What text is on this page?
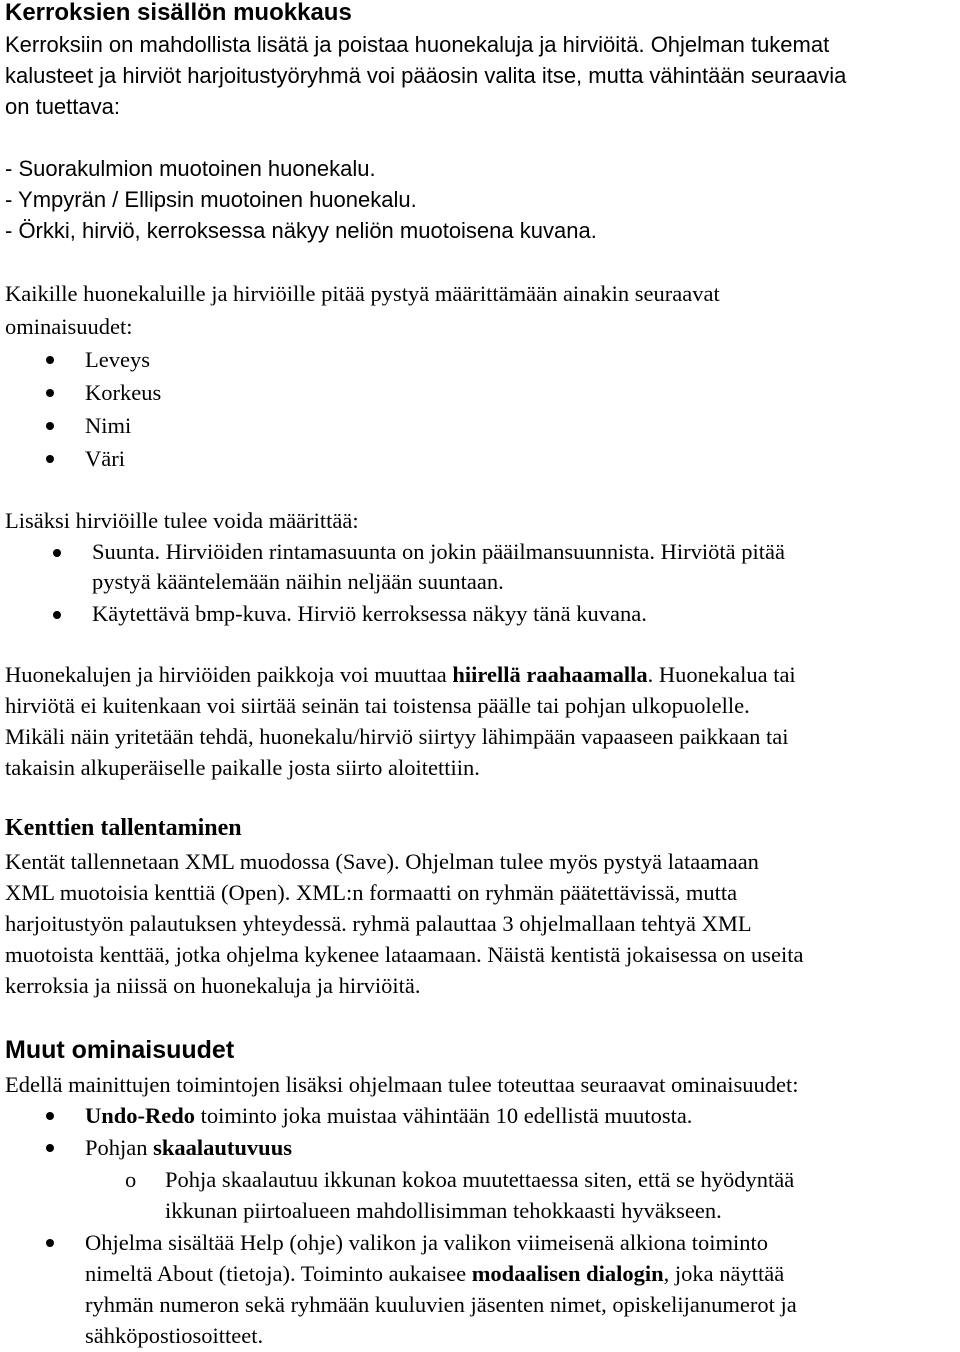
Kerroksien sisällön muokkaus

Kerroksiin on mahdollista lisätä ja poistaa huonekaluja ja hirviöitä. Ohjelman tukemat

kalusteet ja hirviöt harjoitustyöryhmä voi pääosin valita itse, mutta vähintään seuraavia

on tuettava:

- Suorakulmion muotoinen huonekalu.

- Ympyrän / Ellipsin muotoinen huonekalu.

- Örkki, hirviö, kerroksessa näkyy neliön muotoisena kuvana.

Kaikille huonekaluille ja hirviöille pitää pystyä määrittämään ainakin seuraavat

ominaisuudet:

Leveys
Korkeus
Nimi
Väri

Lisäksi hirviöille tulee voida määrittää:

Suunta. Hirviöiden rintamasuunta on jokin pääilmansuunnista. Hirviötä pitää
pystyä kääntelemään näihin neljään suuntaan.
Käytettävä bmp-kuva. Hirviö kerroksessa näkyy tänä kuvana.

Huonekalujen ja hirviöiden paikkoja voi muuttaa hiirellä raahaamalla. Huonekalua tai

hirviötä ei kuitenkaan voi siirtää seinän tai toistensa päälle tai pohjan ulkopuolelle.

Mikäli näin yritetään tehdä, huonekalu/hirviö siirtyy lähimpään vapaaseen paikkaan tai

takaisin alkuperäiselle paikalle josta siirto aloitettiin.

Kenttien tallentaminen

Kentät tallennetaan XML muodossa (Save). Ohjelman tulee myös pystyä lataamaan

XML muotoisia kenttiä (Open). XML:n formaatti on ryhmän päätettävissä, mutta

harjoitustyön palautuksen yhteydessä. ryhmä palauttaa 3 ohjelmallaan tehtyä XML

muotoista kenttää, jotka ohjelma kykenee lataamaan. Näistä kentistä jokaisessa on useita

kerroksia ja niissä on huonekaluja ja hirviöitä.

Muut ominaisuudet

Edellä mainittujen toimintojen lisäksi ohjelmaan tulee toteuttaa seuraavat ominaisuudet:

Undo-Redo toiminto joka muistaa vähintään 10 edellistä muutosta.
Pohjan skaalautuvuus
o Pohja skaalautuu ikkunan kokoa muutettaessa siten, että se hyödyntää
ikkunan piirtoalueen mahdollisimman tehokkaasti hyväkseen.
Ohjelma sisältää Help (ohje) valikon ja valikon viimeisenä alkiona toiminto
nimeltä About (tietoja). Toiminto aukaisee modaalisen dialogin, joka näyttää
ryhmän numeron sekä ryhmään kuuluvien jäsenten nimet, opiskelijanumerot ja
sähköpostiosoitteet.
